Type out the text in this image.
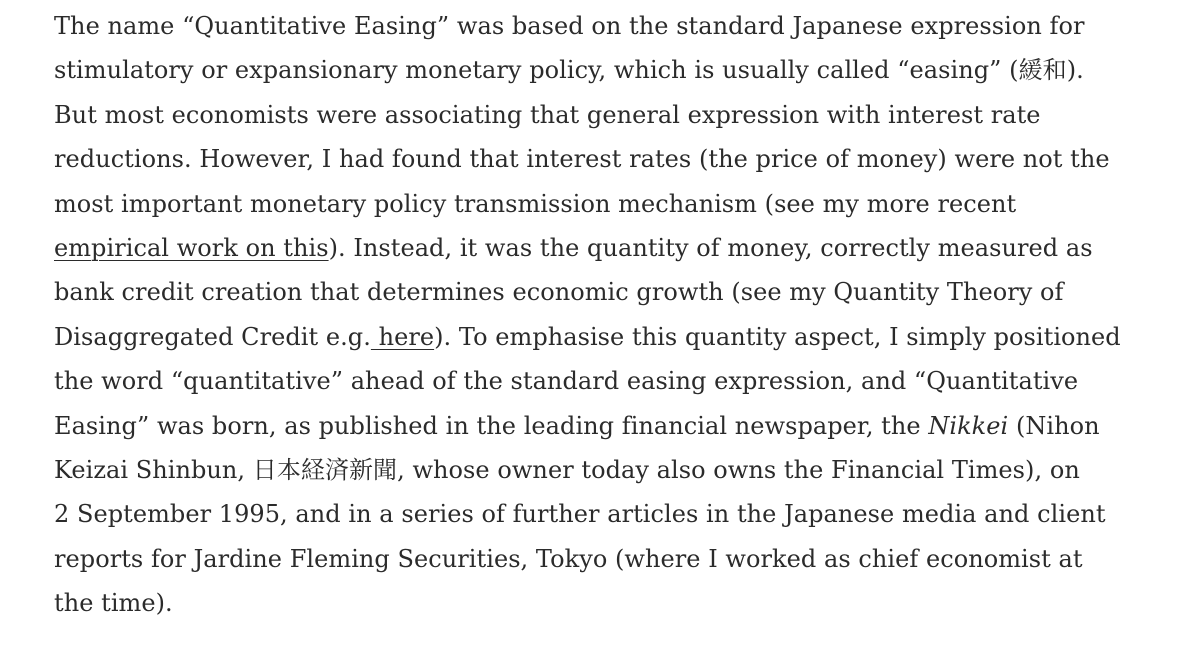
The name “Quantitative Easing” was based on the standard Japanese expression for
stimulatory or expansionary monetary policy, which is usually called “easing” (緩和).
But most economists were associating that general expression with interest rate
reductions. However, I had found that interest rates (the price of money) were not the
most important monetary policy transmission mechanism (see my more recent
empirical work on this). Instead, it was the quantity of money, correctly measured as
bank credit creation that determines economic growth (see my Quantity Theory of
Disaggregated Credit e.g. here). To emphasise this quantity aspect, I simply positioned
the word “quantitative” ahead of the standard easing expression, and “Quantitative
Easing” was born, as published in the leading financial newspaper, the Nikkei (Nihon
Keizai Shinbun, 日本経済新聞, whose owner today also owns the Financial Times), on
2 September 1995, and in a series of further articles in the Japanese media and client
reports for Jardine Fleming Securities, Tokyo (where I worked as chief economist at
the time).
